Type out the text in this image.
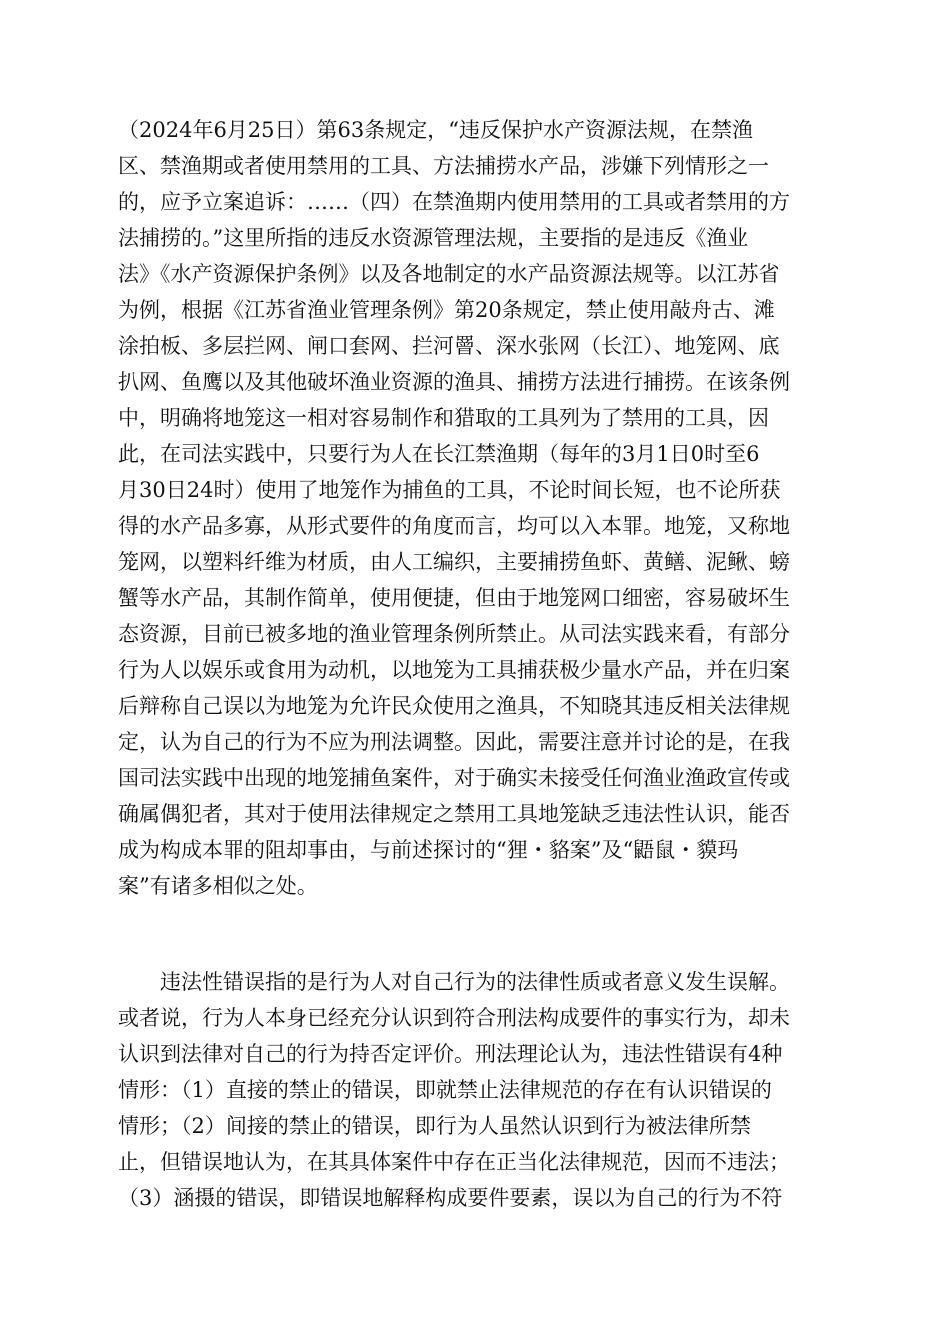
（2024年6月25日）第63条规定，“违反保护水产资源法规，在禁渔
区、禁渔期或者使用禁用的工具、方法捕捞水产品，涉嫌下列情形之一
的，应予立案追诉：……（四）在禁渔期内使用禁用的工具或者禁用的方
法捕捞的。”这里所指的违反水资源管理法规，主要指的是违反《渔业
法》《水产资源保护条例》以及各地制定的水产品资源法规等。以江苏省
为例，根据《江苏省渔业管理条例》第20条规定，禁止使用敲舟古、滩
涂拍板、多层拦网、闸口套网、拦河罾、深水张网（长江）、地笼网、底
扒网、鱼鹰以及其他破坏渔业资源的渔具、捕捞方法进行捕捞。在该条例
中，明确将地笼这一相对容易制作和猎取的工具列为了禁用的工具，因
此，在司法实践中，只要行为人在长江禁渔期（每年的3月1日0时至6
月30日24时）使用了地笼作为捕鱼的工具，不论时间长短，也不论所获
得的水产品多寡，从形式要件的角度而言，均可以入本罪。地笼，又称地
笼网，以塑料纤维为材质，由人工编织，主要捕捞鱼虾、黄鳝、泥鳅、螃
蟹等水产品，其制作简单，使用便捷，但由于地笼网口细密，容易破坏生
态资源，目前已被多地的渔业管理条例所禁止。从司法实践来看，有部分
行为人以娱乐或食用为动机，以地笼为工具捕获极少量水产品，并在归案
后辩称自己误以为地笼为允许民众使用之渔具，不知晓其违反相关法律规
定，认为自己的行为不应为刑法调整。因此，需要注意并讨论的是，在我
国司法实践中出现的地笼捕鱼案件，对于确实未接受任何渔业渔政宣传或
确属偶犯者，其对于使用法律规定之禁用工具地笼缺乏违法性认识，能否
成为构成本罪的阻却事由，与前述探讨的“狸・貉案”及“鼯鼠・貘玛
案”有诸多相似之处。
违法性错误指的是行为人对自己行为的法律性质或者意义发生误解。
或者说，行为人本身已经充分认识到符合刑法构成要件的事实行为，却未
认识到法律对自己的行为持否定评价。刑法理论认为，违法性错误有4种
情形：（1）直接的禁止的错误，即就禁止法律规范的存在有认识错误的
情形；（2）间接的禁止的错误，即行为人虽然认识到行为被法律所禁
止，但错误地认为，在其具体案件中存在正当化法律规范，因而不违法；
（3）涵摄的错误，即错误地解释构成要件要素，误以为自己的行为不符
